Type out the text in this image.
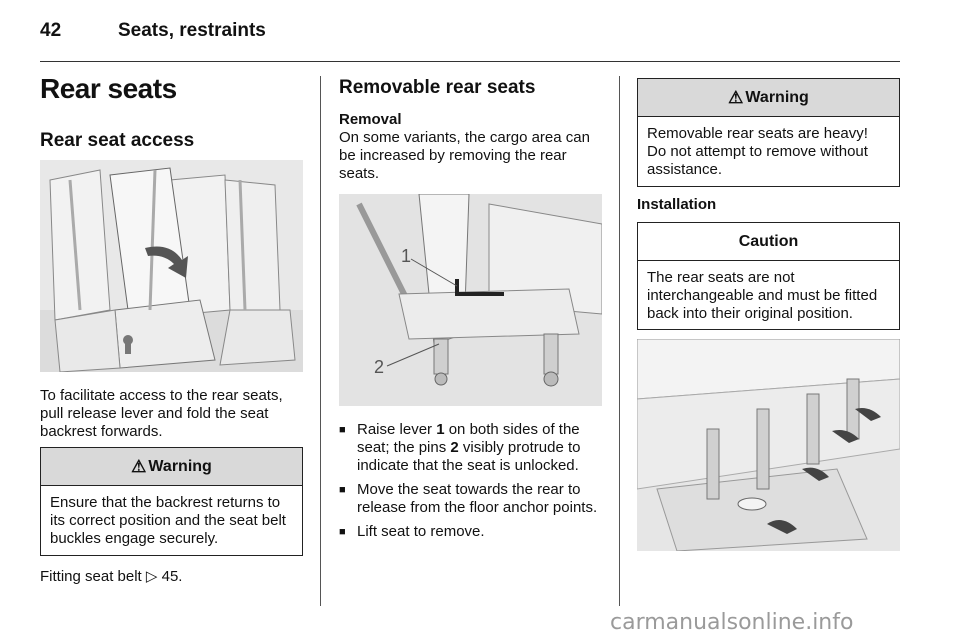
42	Seats, restraints
Rear seats
Rear seat access
To facilitate access to the rear seats, pull release lever and fold the seat backrest forwards.
⚠ Warning
Ensure that the backrest returns to its correct position and the seat belt buckles engage securely.
Fitting seat belt ▷ 45.
Removable rear seats
Removal
On some variants, the cargo area can be increased by removing the rear seats.
1
2
■ Raise lever 1 on both sides of the seat; the pins 2 visibly protrude to indicate that the seat is unlocked.
■ Move the seat towards the rear to release from the floor anchor points.
■ Lift seat to remove.
⚠ Warning
Removable rear seats are heavy! Do not attempt to remove without assistance.
Installation
Caution
The rear seats are not interchangeable and must be fitted back into their original position.
carmanualsonline.info
